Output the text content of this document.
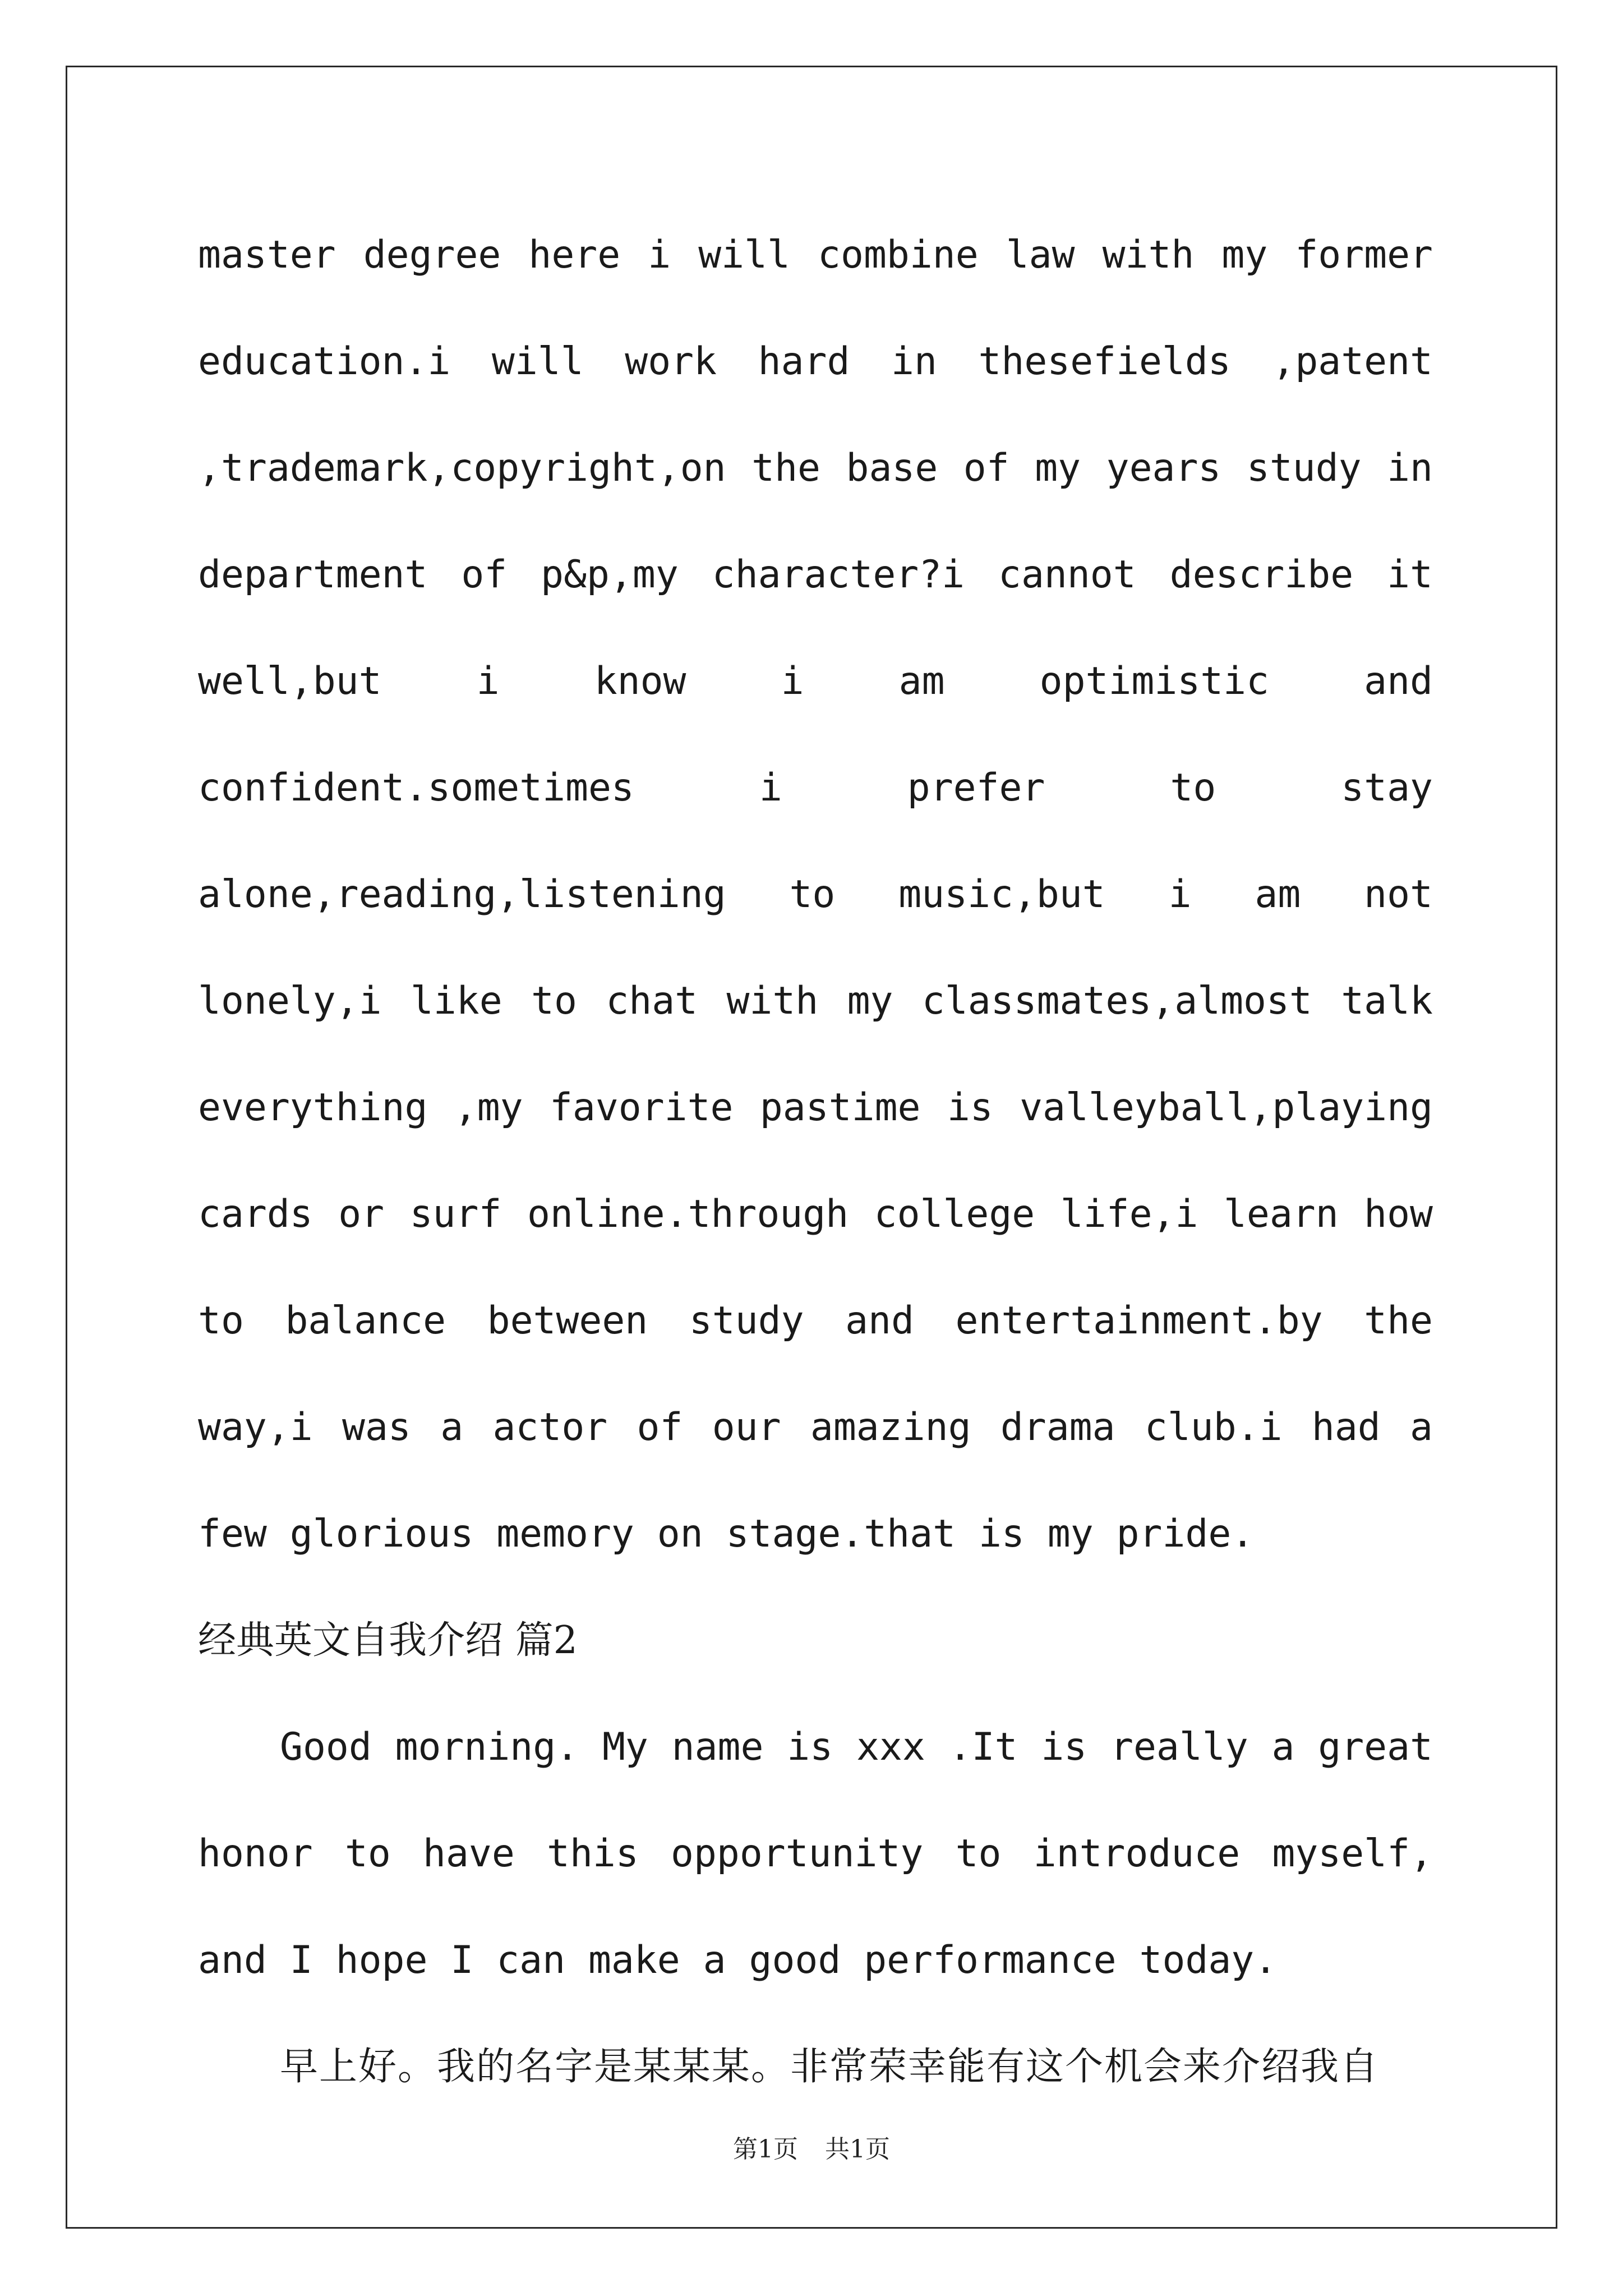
master degree here i will combine law with my former education.i will work hard in thesefields ,patent ,trademark,copyright,on the base of my years study in department of p&p,my character?i cannot describe it well,but i know i am optimistic and confident.sometimes i prefer to stay alone,reading,listening to music,but i am not lonely,i like to chat with my classmates,almost talk everything ,my favorite pastime is valleyball,playing cards or surf online.through college life,i learn how to balance between study and entertainment.by the way,i was a actor of our amazing drama club.i had a few glorious memory on stage.that is my pride.

经典英文自我介绍 篇2

Good morning. My name is xxx .It is really a great honor to have this opportunity to introduce myself, and I hope I can make a good performance today.

早上好。我的名字是某某某。非常荣幸能有这个机会来介绍我自

第1页 共1页
